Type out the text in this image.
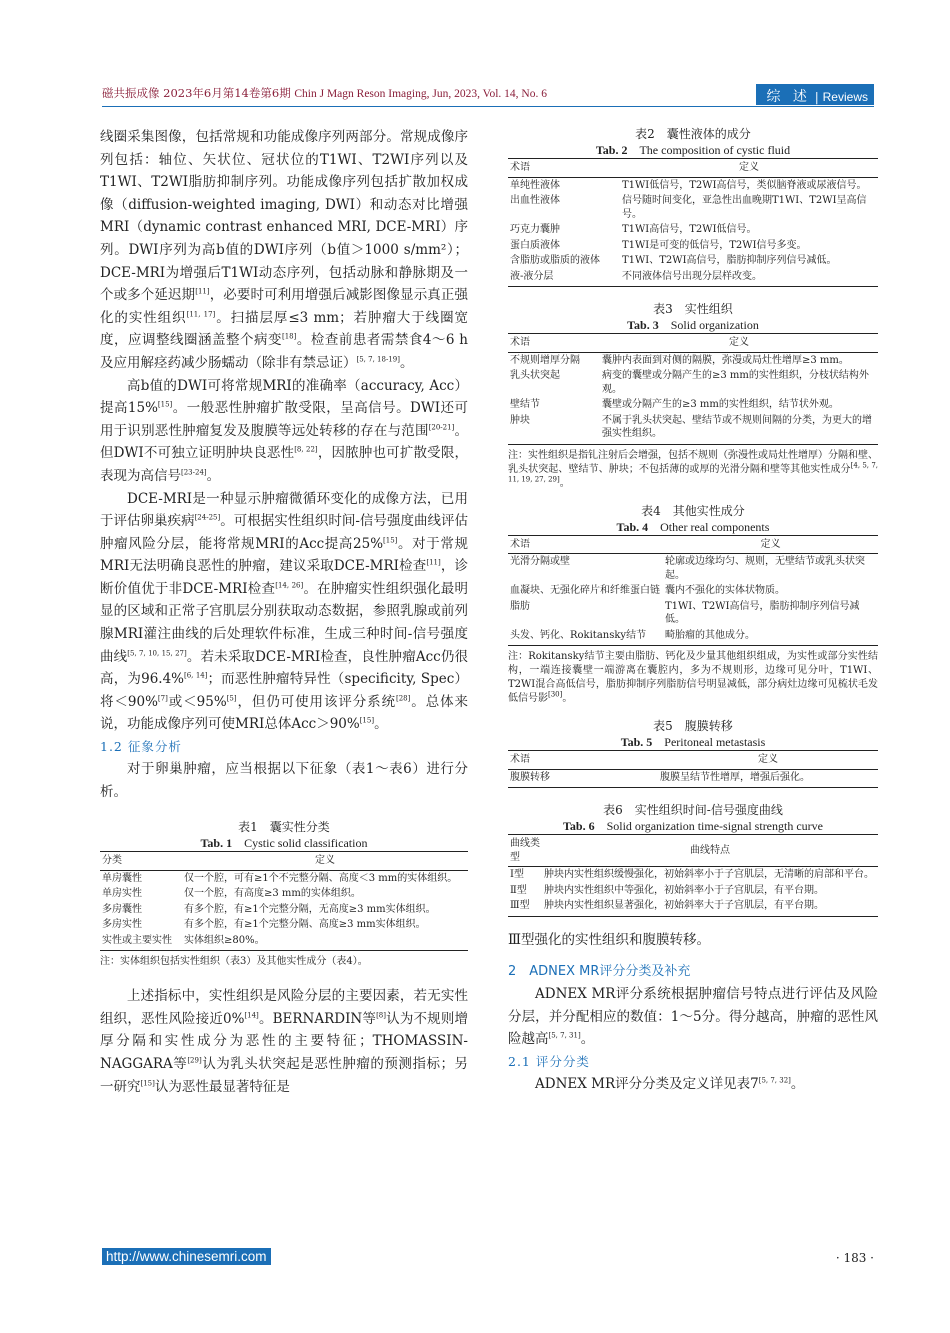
磁共振成像 2023年6月第14卷第6期 Chin J Magn Reson Imaging, Jun, 2023, Vol. 14, No. 6	综 述 | Reviews

线圈采集图像，包括常规和功能成像序列两部分。常规成像序列包括：轴位、矢状位、冠状位的T1WI、T2WI序列以及T1WI、T2WI脂肪抑制序列。功能成像序列包括扩散加权成像（diffusion-weighted imaging, DWI）和动态对比增强MRI（dynamic contrast enhanced MRI, DCE-MRI）序列。DWI序列为高b值的DWI序列（b值＞1000 s/mm²）；DCE-MRI为增强后T1WI动态序列，包括动脉和静脉期及一个或多个延迟期[11]，必要时可利用增强后减影图像显示真正强化的实性组织[11, 17]。扫描层厚≤3 mm；若肿瘤大于线圈宽度，应调整线圈涵盖整个病变[18]。检查前患者需禁食4～6 h及应用解痉药减少肠蠕动（除非有禁忌证）[5, 7, 18-19]。

高b值的DWI可将常规MRI的准确率（accuracy, Acc）提高15%[15]。一般恶性肿瘤扩散受限，呈高信号。DWI还可用于识别恶性肿瘤复发及腹膜等远处转移的存在与范围[20-21]。但DWI不可独立证明肿块良恶性[8, 22]，因脓肿也可扩散受限，表现为高信号[23-24]。

DCE-MRI是一种显示肿瘤微循环变化的成像方法，已用于评估卵巢疾病[24-25]。可根据实性组织时间-信号强度曲线评估肿瘤风险分层，能将常规MRI的Acc提高25%[15]。对于常规MRI无法明确良恶性的肿瘤，建议采取DCE-MRI检查[11]，诊断价值优于非DCE-MRI检查[14, 26]。在肿瘤实性组织强化最明显的区域和正常子宫肌层分别获取动态数据，参照乳腺或前列腺MRI灌注曲线的后处理软件标准，生成三种时间-信号强度曲线[5, 7, 10, 15, 27]。若未采取DCE-MRI检查，良性肿瘤Acc仍很高，为96.4%[6, 14]；而恶性肿瘤特异性（specificity, Spec）将＜90%[7]或＜95%[5]，但仍可使用该评分系统[28]。总体来说，功能成像序列可使MRI总体Acc＞90%[15]。

1.2 征象分析

对于卵巢肿瘤，应当根据以下征象（表1～表6）进行分析。

表1　囊实性分类
Tab. 1　 Cystic solid classification
分类	定义
单房囊性	仅一个腔，可有≥1个不完整分隔、高度＜3 mm的实体组织。
单房实性	仅一个腔，有高度≥3 mm的实体组织。
多房囊性	有多个腔，有≥1个完整分隔，无高度≥3 mm实体组织。
多房实性	有多个腔，有≥1个完整分隔、高度≥3 mm实体组织。
实性或主要实性	实体组织≥80%。
注：实体组织包括实性组织（表3）及其他实性成分（表4）。

上述指标中，实性组织是风险分层的主要因素，若无实性组织，恶性风险接近0%[14]。BERNARDIN等[8]认为不规则增厚分隔和实性成分为恶性的主要特征；THOMASSIN-NAGGARA等[29]认为乳头状突起是恶性肿瘤的预测指标；另一研究[15]认为恶性最显著特征是

表2　囊性液体的成分
Tab. 2　 The composition of cystic fluid
术语	定义
单纯性液体	T1WI低信号，T2WI高信号，类似脑脊液或尿液信号。
出血性液体	信号随时间变化，亚急性出血晚期T1WI、T2WI呈高信号。
巧克力囊肿	T1WI高信号，T2WI低信号。
蛋白质液体	T1WI是可变的低信号，T2WI信号多变。
含脂肪或脂质的液体	T1WI、T2WI高信号，脂肪抑制序列信号减低。
液-液分层	不同液体信号出现分层样改变。
表3　实性组织
Tab. 3　 Solid organization
术语	定义
不规则增厚分隔	囊肿内表面到对侧的隔膜，弥漫或局灶性增厚≥3 mm。
乳头状突起	病变的囊壁或分隔产生的≥3 mm的实性组织，分枝状结构外观。
壁结节	囊壁或分隔产生的≥3 mm的实性组织，结节状外观。
肿块	不属于乳头状突起、壁结节或不规则间隔的分类，为更大的增强实性组织。
注：实性组织是指钆注射后会增强，包括不规则（弥漫性或局灶性增厚）分隔和壁、乳头状突起、壁结节、肿块；不包括薄的或厚的光滑分隔和壁等其他实性成分[4, 5, 7, 11, 19, 27, 29]。
表4　其他实性成分
Tab. 4　 Other real components
术语	定义
光滑分隔或壁	轮廓或边缘均匀、规则，无壁结节或乳头状突起。
血凝块、无强化碎片和纤维蛋白链	囊内不强化的实体状物质。
脂肪	T1WI、T2WI高信号，脂肪抑制序列信号减低。
头发、钙化、Rokitansky结节	畸胎瘤的其他成分。
注：Rokitansky结节主要由脂肪、钙化及少量其他组织组成，为实性或部分实性结构，一端连接囊壁一端游离在囊腔内，多为不规则形，边缘可见分叶，T1WI、T2WI混合高低信号，脂肪抑制序列脂肪信号明显减低，部分病灶边缘可见梳状毛发低信号影[30]。
表5　腹膜转移
Tab. 5　 Peritoneal metastasis
术语	定义
腹膜转移	腹膜呈结节性增厚，增强后强化。
表6　实性组织时间-信号强度曲线
Tab. 6　 Solid organization time-signal strength curve
曲线类型	曲线特点
Ⅰ型	肿块内实性组织缓慢强化，初始斜率小于子宫肌层，无清晰的肩部和平台。
Ⅱ型	肿块内实性组织中等强化，初始斜率小于子宫肌层，有平台期。
Ⅲ型	肿块内实性组织显著强化，初始斜率大于子宫肌层，有平台期。

Ⅲ型强化的实性组织和腹膜转移。

2　ADNEX MR评分分类及补充

ADNEX MR评分系统根据肿瘤信号特点进行评估及风险分层，并分配相应的数值：1～5分。得分越高，肿瘤的恶性风险越高[5, 7, 31]。

2.1 评分分类

ADNEX MR评分分类及定义详见表7[5, 7, 32]。

http://www.chinesemri.com	· 183 ·
